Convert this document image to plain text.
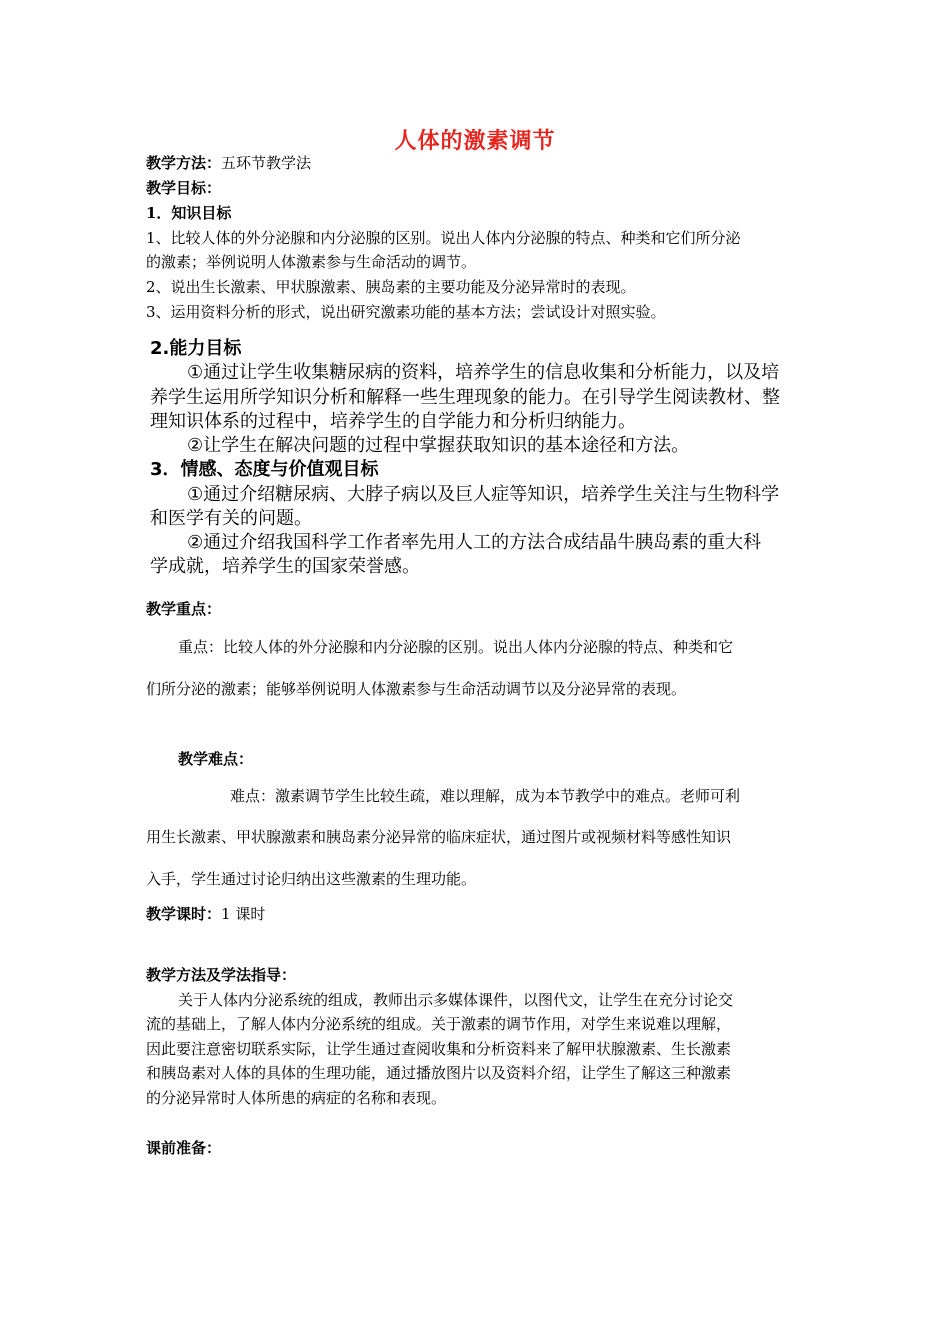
人体的激素调节
教学方法：五环节教学法
教学目标：
1．知识目标
1、比较人体的外分泌腺和内分泌腺的区别。说出人体内分泌腺的特点、种类和它们所分泌
的激素；举例说明人体激素参与生命活动的调节。
2、说出生长激素、甲状腺激素、胰岛素的主要功能及分泌异常时的表现。
3、运用资料分析的形式，说出研究激素功能的基本方法；尝试设计对照实验。
2.能力目标
①通过让学生收集糖尿病的资料，培养学生的信息收集和分析能力，以及培
养学生运用所学知识分析和解释一些生理现象的能力。在引导学生阅读教材、整
理知识体系的过程中，培养学生的自学能力和分析归纳能力。
②让学生在解决问题的过程中掌握获取知识的基本途径和方法。
3．情感、态度与价值观目标
①通过介绍糖尿病、大脖子病以及巨人症等知识，培养学生关注与生物科学
和医学有关的问题。
②通过介绍我国科学工作者率先用人工的方法合成结晶牛胰岛素的重大科
学成就，培养学生的国家荣誉感。
教学重点：
重点：比较人体的外分泌腺和内分泌腺的区别。说出人体内分泌腺的特点、种类和它
们所分泌的激素；能够举例说明人体激素参与生命活动调节以及分泌异常的表现。
教学难点：
难点：激素调节学生比较生疏，难以理解，成为本节教学中的难点。老师可利
用生长激素、甲状腺激素和胰岛素分泌异常的临床症状，通过图片或视频材料等感性知识
入手，学生通过讨论归纳出这些激素的生理功能。
教学课时：1 课时
教学方法及学法指导：
关于人体内分泌系统的组成，教师出示多媒体课件，以图代文，让学生在充分讨论交
流的基础上，了解人体内分泌系统的组成。关于激素的调节作用，对学生来说难以理解，
因此要注意密切联系实际，让学生通过查阅收集和分析资料来了解甲状腺激素、生长激素
和胰岛素对人体的具体的生理功能，通过播放图片以及资料介绍，让学生了解这三种激素
的分泌异常时人体所患的病症的名称和表现。
课前准备：
